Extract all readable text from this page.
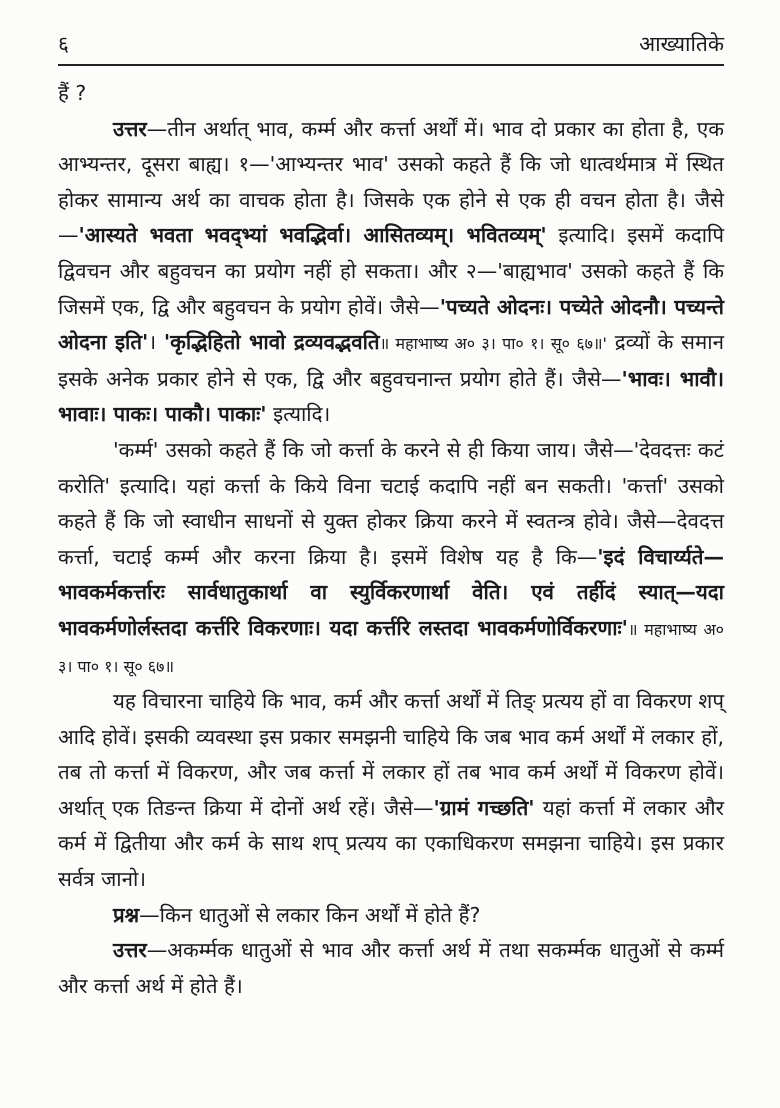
६	आख्यातिके

हैं ?

उत्तर—तीन अर्थात् भाव, कर्म्म और कर्त्ता अर्थों में। भाव दो प्रकार का होता है, एक आभ्यन्तर, दूसरा बाह्य। १—'आभ्यन्तर भाव' उसको कहते हैं कि जो धात्वर्थमात्र में स्थित होकर सामान्य अर्थ का वाचक होता है। जिसके एक होने से एक ही वचन होता है। जैसे—'आस्यते भवता भवद्भ्यां भवद्भिर्वा। आसितव्यम्। भवितव्यम्' इत्यादि। इसमें कदापि द्विवचन और बहुवचन का प्रयोग नहीं हो सकता। और २—'बाह्यभाव' उसको कहते हैं कि जिसमें एक, द्वि और बहुवचन के प्रयोग होवें। जैसे—'पच्यते ओदनः। पच्येते ओदनौ। पच्यन्ते ओदना इति'। 'कृद्भिहितो भावो द्रव्यवद्भवति॥ महाभाष्य अ० ३। पा० १। सू० ६७॥' द्रव्यों के समान इसके अनेक प्रकार होने से एक, द्वि और बहुवचनान्त प्रयोग होते हैं। जैसे—'भावः। भावौ। भावाः। पाकः। पाकौ। पाकाः' इत्यादि।

'कर्म्म' उसको कहते हैं कि जो कर्त्ता के करने से ही किया जाय। जैसे—'देवदत्तः कटं करोति' इत्यादि। यहां कर्त्ता के किये विना चटाई कदापि नहीं बन सकती। 'कर्त्ता' उसको कहते हैं कि जो स्वाधीन साधनों से युक्त होकर क्रिया करने में स्वतन्त्र होवे। जैसे—देवदत्त कर्त्ता, चटाई कर्म्म और करना क्रिया है। इसमें विशेष यह है कि—'इदं विचार्य्यते—भावकर्मकर्त्तारः सार्वधातुकार्था वा स्युर्विकरणार्था वेति। एवं तर्हीदं स्यात्—यदा भावकर्मणोर्लस्तदा कर्त्तरि विकरणाः। यदा कर्त्तरि लस्तदा भावकर्मणोर्विकरणाः'॥ महाभाष्य अ० ३। पा० १। सू० ६७॥

यह विचारना चाहिये कि भाव, कर्म और कर्त्ता अर्थों में तिङ् प्रत्यय हों वा विकरण शप् आदि होवें। इसकी व्यवस्था इस प्रकार समझनी चाहिये कि जब भाव कर्म अर्थों में लकार हों, तब तो कर्त्ता में विकरण, और जब कर्त्ता में लकार हों तब भाव कर्म अर्थों में विकरण होवें। अर्थात् एक तिङन्त क्रिया में दोनों अर्थ रहें। जैसे—'ग्रामं गच्छति' यहां कर्त्ता में लकार और कर्म में द्वितीया और कर्म के साथ शप् प्रत्यय का एकाधिकरण समझना चाहिये। इस प्रकार सर्वत्र जानो।

प्रश्न—किन धातुओं से लकार किन अर्थों में होते हैं?

उत्तर—अकर्म्मक धातुओं से भाव और कर्त्ता अर्थ में तथा सकर्म्मक धातुओं से कर्म्म और कर्त्ता अर्थ में होते हैं।
